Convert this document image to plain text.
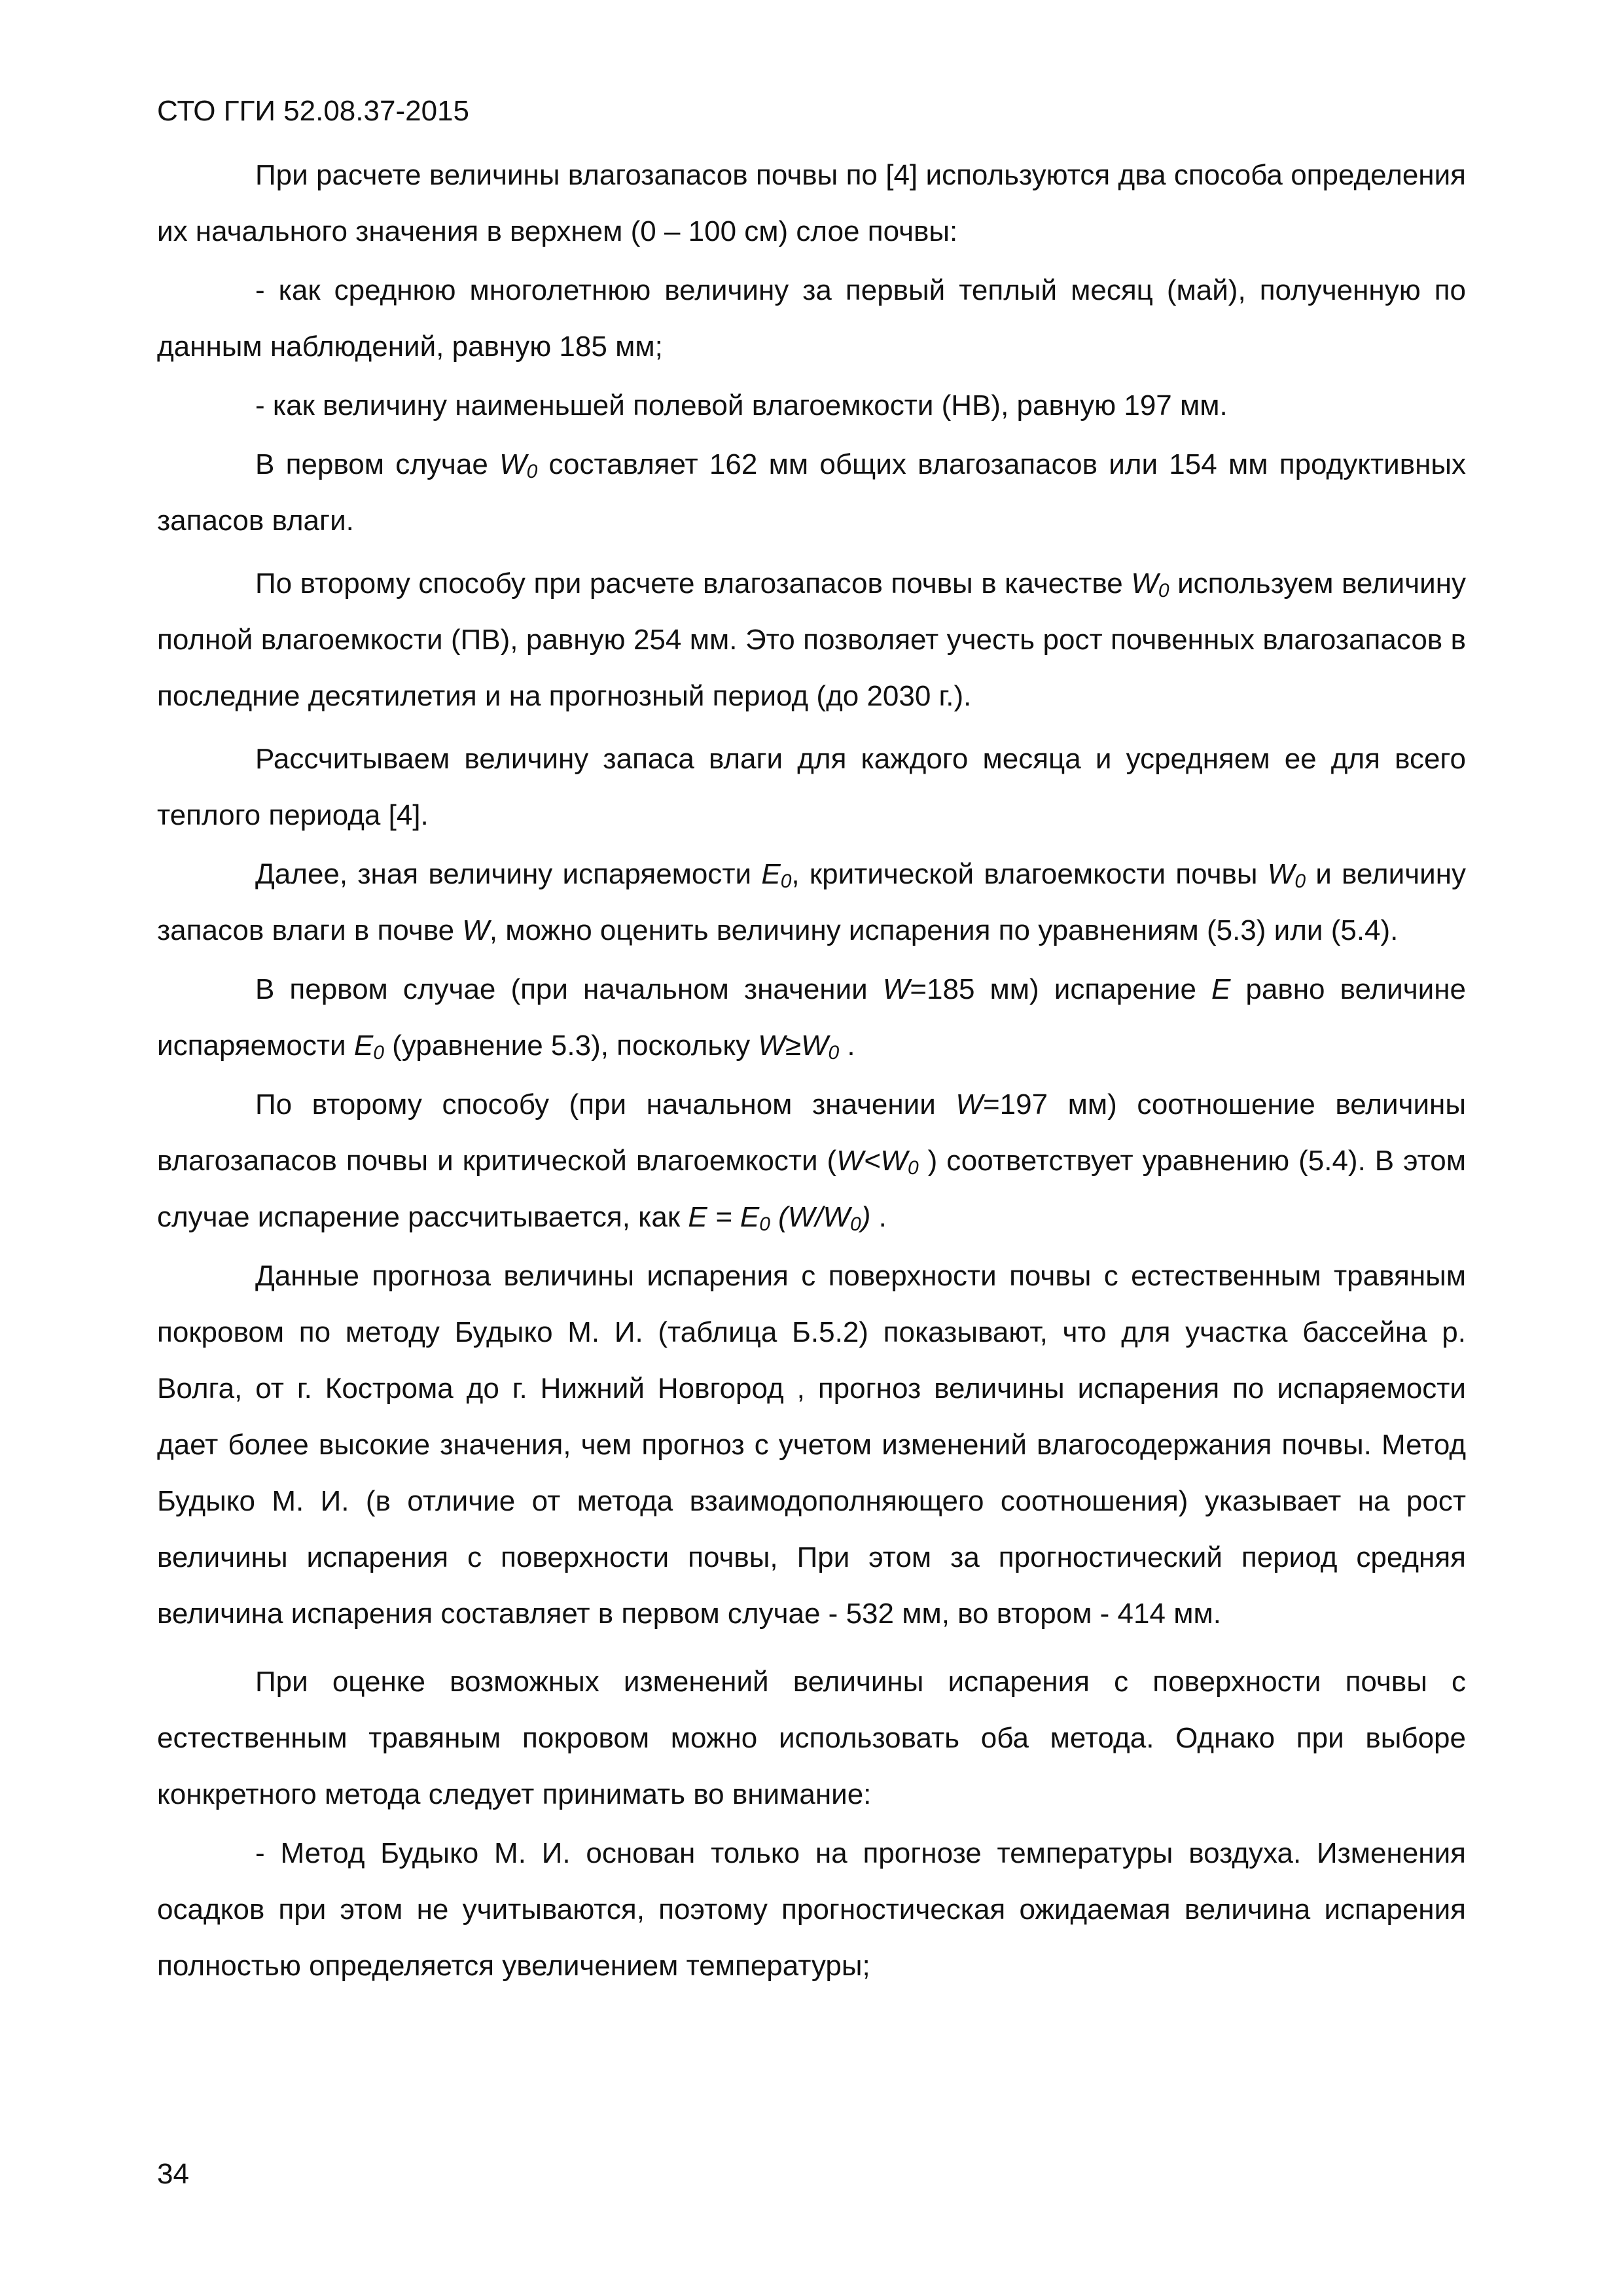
СТО ГГИ 52.08.37-2015

При расчете величины влагозапасов почвы по [4] используются два способа определения их начального значения в верхнем (0 – 100 см) слое почвы:

- как среднюю многолетнюю величину за первый теплый месяц (май), полученную по данным наблюдений, равную 185 мм;

- как величину наименьшей полевой влагоемкости (НВ), равную 197 мм.

В первом случае $W_0$ составляет 162 мм общих влагозапасов или 154 мм продуктивных запасов влаги.

По второму способу при расчете влагозапасов почвы в качестве $W_0$ используем величину полной влагоемкости (ПВ), равную 254 мм. Это позволяет учесть рост почвенных влагозапасов в последние десятилетия и на прогнозный период (до 2030 г.).

Рассчитываем величину запаса влаги для каждого месяца и усредняем ее для всего теплого периода [4].

Далее, зная величину испаряемости $E_0$, критической влагоемкости почвы $W_0$ и величину запасов влаги в почве W, можно оценить величину испарения по уравнениям (5.3) или (5.4).

В первом случае (при начальном значении W=185 мм) испарение E равно величине испаряемости $E_0$ (уравнение 5.3), поскольку $W\ge W_0$ .

По второму способу (при начальном значении W=197 мм) соотношение величины влагозапасов почвы и критической влагоемкости ($W<W_0$ ) соответствует уравнению (5.4). В этом случае испарение рассчитывается, как $E = E_0$ $(W/W_0)$ .

Данные прогноза величины испарения с поверхности почвы с естественным травяным покровом по методу Будыко М. И. (таблица Б.5.2) показывают, что для участка бассейна р. Волга, от г. Кострома до г. Нижний Новгород , прогноз величины испарения по испаряемости дает более высокие значения, чем прогноз с учетом изменений влагосодержания почвы. Метод Будыко М. И. (в отличие от метода взаимодополняющего соотношения) указывает на рост величины испарения с поверхности почвы, При этом за прогностический период средняя величина испарения составляет в первом случае - 532 мм, во втором - 414 мм.

При оценке возможных изменений величины испарения с поверхности почвы с естественным травяным покровом можно использовать оба метода. Однако при выборе конкретного метода следует принимать во внимание:

- Метод Будыко М. И. основан только на прогнозе температуры воздуха. Изменения осадков при этом не учитываются, поэтому прогностическая ожидаемая величина испарения полностью определяется увеличением температуры;

34
